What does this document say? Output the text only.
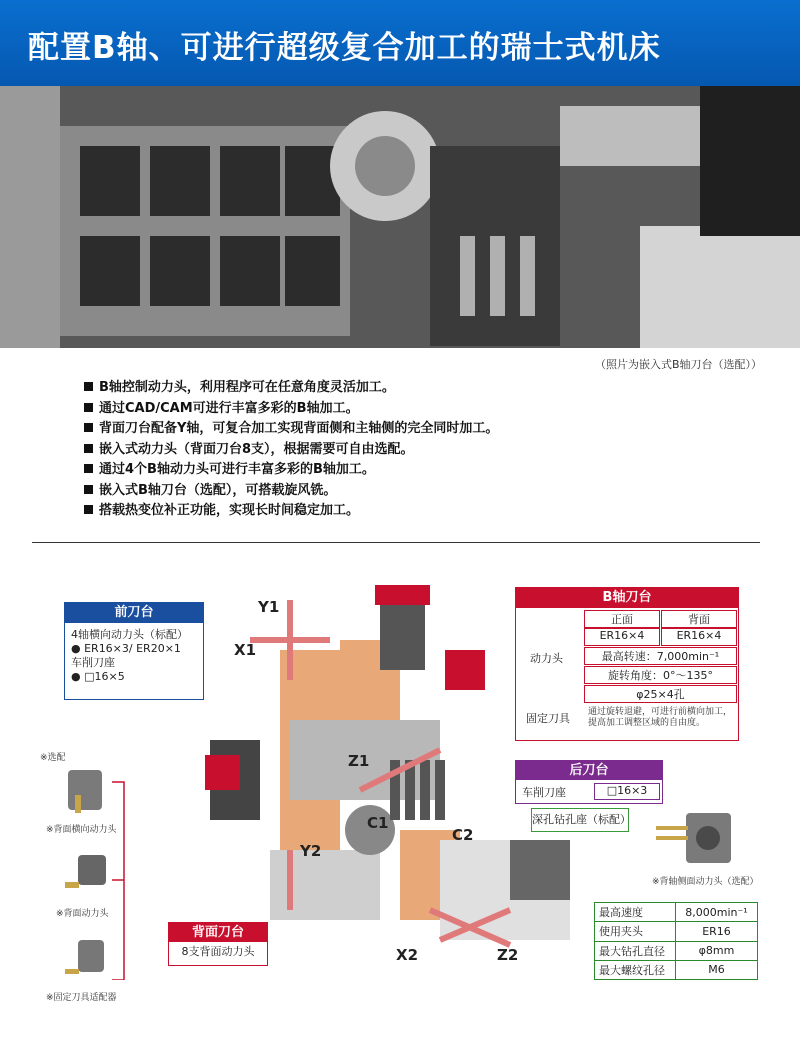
配置B轴、可进行超级复合加工的瑞士式机床
（照片为嵌入式B轴刀台（选配））
B轴控制动力头，利用程序可在任意角度灵活加工。
通过CAD/CAM可进行丰富多彩的B轴加工。
背面刀台配备Y轴，可复合加工实现背面侧和主轴侧的完全同时加工。
嵌入式动力头（背面刀台8支），根据需要可自由选配。
通过4个B轴动力头可进行丰富多彩的B轴加工。
嵌入式B轴刀台（选配），可搭载旋风铣。
搭载热变位补正功能，实现长时间稳定加工。
Y1
X1
Z1
C1
Y2
C2
X2	Z2
B
前刀台
4轴横向动力头（标配）
● ER16×3/ ER20×1
车削刀座
● □16×5
B轴刀台
正面	背面
动力头
ER16×4	ER16×4
最高转速：7,000min⁻¹
旋转角度：0°～135°
固定刀具
φ25×4孔
通过旋转退避，可进行前横向加工，提高加工调整区域的自由度。
后刀台
车削刀座	□16×3
深孔钻孔座（标配）
※背轴侧面动力头（选配）
最高速度	8,000min⁻¹
使用夹头	ER16
最大钻孔直径	φ8mm
最大螺纹孔径	M6
背面刀台
8支背面动力头
※选配
※背面横向动力头
※背面动力头
※固定刀具适配器
